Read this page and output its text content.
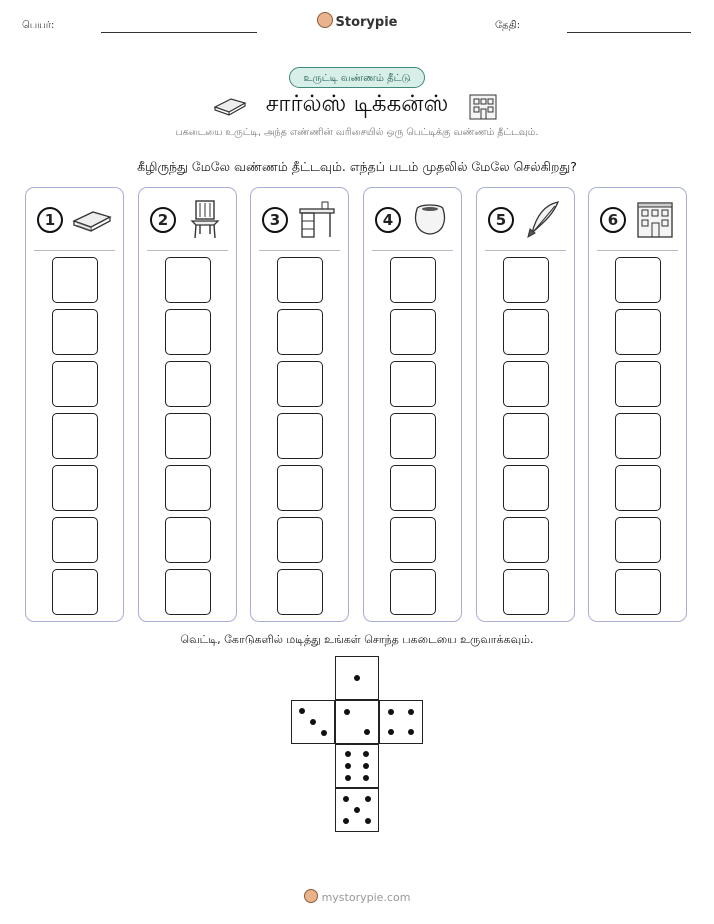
பெயர்:	Storypie	தேதி:
உருட்டி வண்ணம் தீட்டு
சார்ல்ஸ் டிக்கன்ஸ்
பகடையை உருட்டி, அந்த எண்ணின் வரிசையில் ஒரு பெட்டிக்கு வண்ணம் தீட்டவும்.
கீழிருந்து மேலே வண்ணம் தீட்டவும். எந்தப் படம் முதலில் மேலே செல்கிறது?
1	2	3	4	5	6
வெட்டி, கோடுகளில் மடித்து உங்கள் சொந்த பகடையை உருவாக்கவும்.
mystorypie.com
